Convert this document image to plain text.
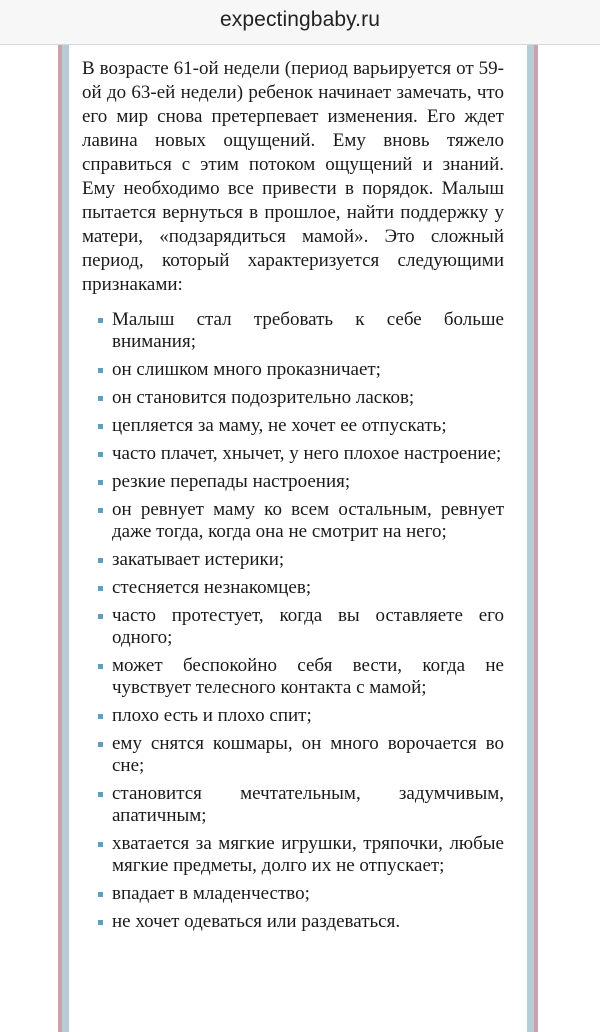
expectingbaby.ru

В возрасте 61-ой недели (период варьируется от 59-ой до 63-ей недели) ребенок начинает замечать, что его мир снова претерпевает изменения. Его ждет лавина новых ощущений. Ему вновь тяжело справиться с этим потоком ощущений и знаний. Ему необходимо все привести в порядок. Малыш пытается вернуться в прошлое, найти поддержку у матери, «подзарядиться мамой». Это сложный период, который характеризуется следующими признаками:

Малыш стал требовать к себе больше внимания;
он слишком много проказничает;
он становится подозрительно ласков;
цепляется за маму, не хочет ее отпускать;
часто плачет, хнычет, у него плохое настроение;
резкие перепады настроения;
он ревнует маму ко всем остальным, ревнует даже тогда, когда она не смотрит на него;
закатывает истерики;
стесняется незнакомцев;
часто протестует, когда вы оставляете его одного;
может беспокойно себя вести, когда не чувствует телесного контакта с мамой;
плохо есть и плохо спит;
ему снятся кошмары, он много ворочается во сне;
становится мечтательным, задумчивым, апатичным;
хватается за мягкие игрушки, тряпочки, любые мягкие предметы, долго их не отпускает;
впадает в младенчество;
не хочет одеваться или раздеваться.
